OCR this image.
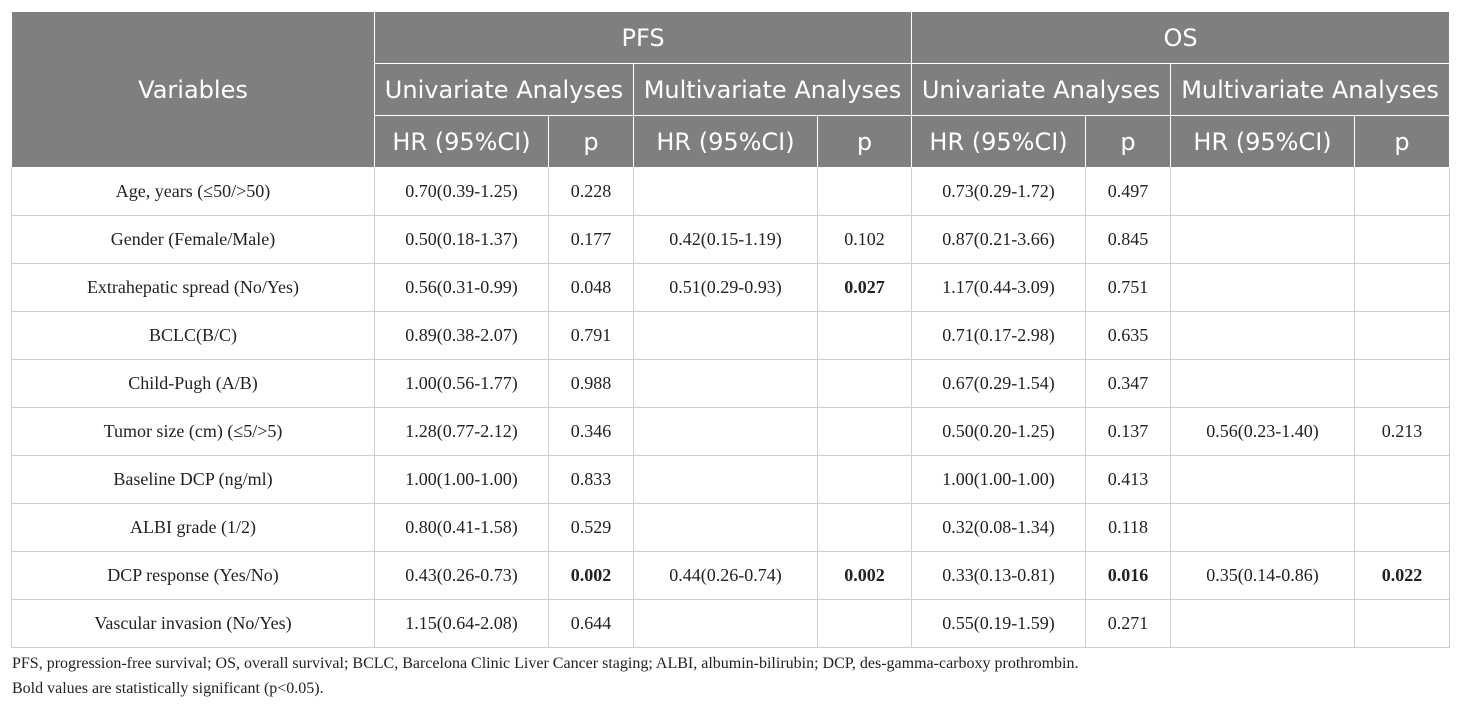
Variables	PFS				OS			
	Univariate Analyses		Multivariate Analyses		Univariate Analyses		Multivariate Analyses	
	HR (95%CI)	p	HR (95%CI)	p	HR (95%CI)	p	HR (95%CI)	p
Age, years (≤50/>50)	0.70(0.39-1.25)	0.228			0.73(0.29-1.72)	0.497		
Gender (Female/Male)	0.50(0.18-1.37)	0.177	0.42(0.15-1.19)	0.102	0.87(0.21-3.66)	0.845		
Extrahepatic spread (No/Yes)	0.56(0.31-0.99)	0.048	0.51(0.29-0.93)	0.027	1.17(0.44-3.09)	0.751		
BCLC(B/C)	0.89(0.38-2.07)	0.791			0.71(0.17-2.98)	0.635		
Child-Pugh (A/B)	1.00(0.56-1.77)	0.988			0.67(0.29-1.54)	0.347		
Tumor size (cm) (≤5/>5)	1.28(0.77-2.12)	0.346			0.50(0.20-1.25)	0.137	0.56(0.23-1.40)	0.213
Baseline DCP (ng/ml)	1.00(1.00-1.00)	0.833			1.00(1.00-1.00)	0.413		
ALBI grade (1/2)	0.80(0.41-1.58)	0.529			0.32(0.08-1.34)	0.118		
DCP response (Yes/No)	0.43(0.26-0.73)	0.002	0.44(0.26-0.74)	0.002	0.33(0.13-0.81)	0.016	0.35(0.14-0.86)	0.022
Vascular invasion (No/Yes)	1.15(0.64-2.08)	0.644			0.55(0.19-1.59)	0.271		
PFS, progression-free survival; OS, overall survival; BCLC, Barcelona Clinic Liver Cancer staging; ALBI, albumin-bilirubin; DCP, des-gamma-carboxy prothrombin.
Bold values are statistically significant (p<0.05).
